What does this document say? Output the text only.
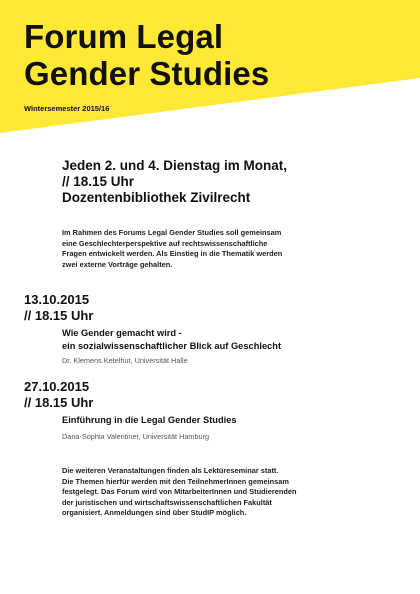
Forum Legal
Gender Studies
Wintersemester 2015/16
Jeden 2. und 4. Dienstag im Monat,
// 18.15 Uhr
Dozentenbibliothek Zivilrecht
Im Rahmen des Forums Legal Gender Studies soll gemeinsam
eine Geschlechterperspektive auf rechtswissenschaftliche
Fragen entwickelt werden. Als Einstieg in die Thematik werden
zwei externe Vorträge gehalten.
13.10.2015
// 18.15 Uhr
Wie Gender gemacht wird -
ein sozialwissenschaftlicher Blick auf Geschlecht
Dr. Klemens Ketelhut, Universität Halle
27.10.2015
// 18.15 Uhr
Einführung in die Legal Gender Studies
Dana-Sophia Valentiner, Universität Hamburg
Die weiteren Veranstaltungen finden als Lektüreseminar statt.
Die Themen hierfür werden mit den TeilnehmerInnen gemeinsam
festgelegt. Das Forum wird von MitarbeiterInnen und Studierenden
der juristischen und wirtschaftswissenschaftlichen Fakultät
organisiert. Anmeldungen sind über StudIP möglich.
